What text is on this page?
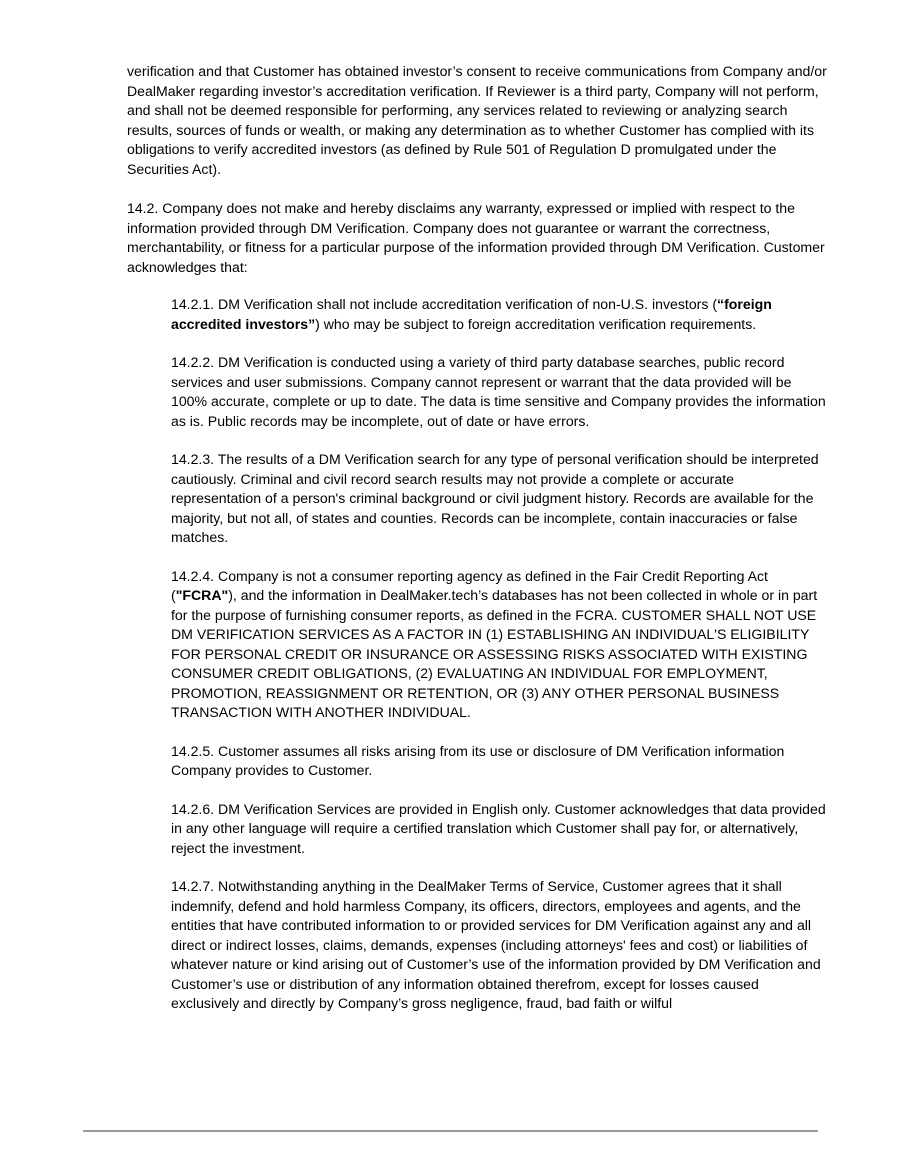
verification and that Customer has obtained investor’s consent to receive communications from Company and/or DealMaker regarding investor’s accreditation verification. If Reviewer is a third party, Company will not perform, and shall not be deemed responsible for performing, any services related to reviewing or analyzing search results, sources of funds or wealth, or making any determination as to whether Customer has complied with its obligations to verify accredited investors (as defined by Rule 501 of Regulation D promulgated under the Securities Act).

14.2. Company does not make and hereby disclaims any warranty, expressed or implied with respect to the information provided through DM Verification. Company does not guarantee or warrant the correctness, merchantability, or fitness for a particular purpose of the information provided through DM Verification. Customer acknowledges that:

14.2.1. DM Verification shall not include accreditation verification of non-U.S. investors (“foreign accredited investors”) who may be subject to foreign accreditation verification requirements.

14.2.2. DM Verification is conducted using a variety of third party database searches, public record services and user submissions. Company cannot represent or warrant that the data provided will be 100% accurate, complete or up to date. The data is time sensitive and Company provides the information as is. Public records may be incomplete, out of date or have errors.

14.2.3. The results of a DM Verification search for any type of personal verification should be interpreted cautiously. Criminal and civil record search results may not provide a complete or accurate representation of a person's criminal background or civil judgment history. Records are available for the majority, but not all, of states and counties. Records can be incomplete, contain inaccuracies or false matches.

14.2.4. Company is not a consumer reporting agency as defined in the Fair Credit Reporting Act ("FCRA"), and the information in DealMaker.tech’s databases has not been collected in whole or in part for the purpose of furnishing consumer reports, as defined in the FCRA. CUSTOMER SHALL NOT USE DM VERIFICATION SERVICES AS A FACTOR IN (1) ESTABLISHING AN INDIVIDUAL'S ELIGIBILITY FOR PERSONAL CREDIT OR INSURANCE OR ASSESSING RISKS ASSOCIATED WITH EXISTING CONSUMER CREDIT OBLIGATIONS, (2) EVALUATING AN INDIVIDUAL FOR EMPLOYMENT, PROMOTION, REASSIGNMENT OR RETENTION, OR (3) ANY OTHER PERSONAL BUSINESS TRANSACTION WITH ANOTHER INDIVIDUAL.

14.2.5. Customer assumes all risks arising from its use or disclosure of DM Verification information Company provides to Customer.

14.2.6. DM Verification Services are provided in English only. Customer acknowledges that data provided in any other language will require a certified translation which Customer shall pay for, or alternatively, reject the investment.

14.2.7. Notwithstanding anything in the DealMaker Terms of Service, Customer agrees that it shall indemnify, defend and hold harmless Company, its officers, directors, employees and agents, and the entities that have contributed information to or provided services for DM Verification against any and all direct or indirect losses, claims, demands, expenses (including attorneys' fees and cost) or liabilities of whatever nature or kind arising out of Customer’s use of the information provided by DM Verification and Customer’s use or distribution of any information obtained therefrom, except for losses caused exclusively and directly by Company’s gross negligence, fraud, bad faith or wilful
